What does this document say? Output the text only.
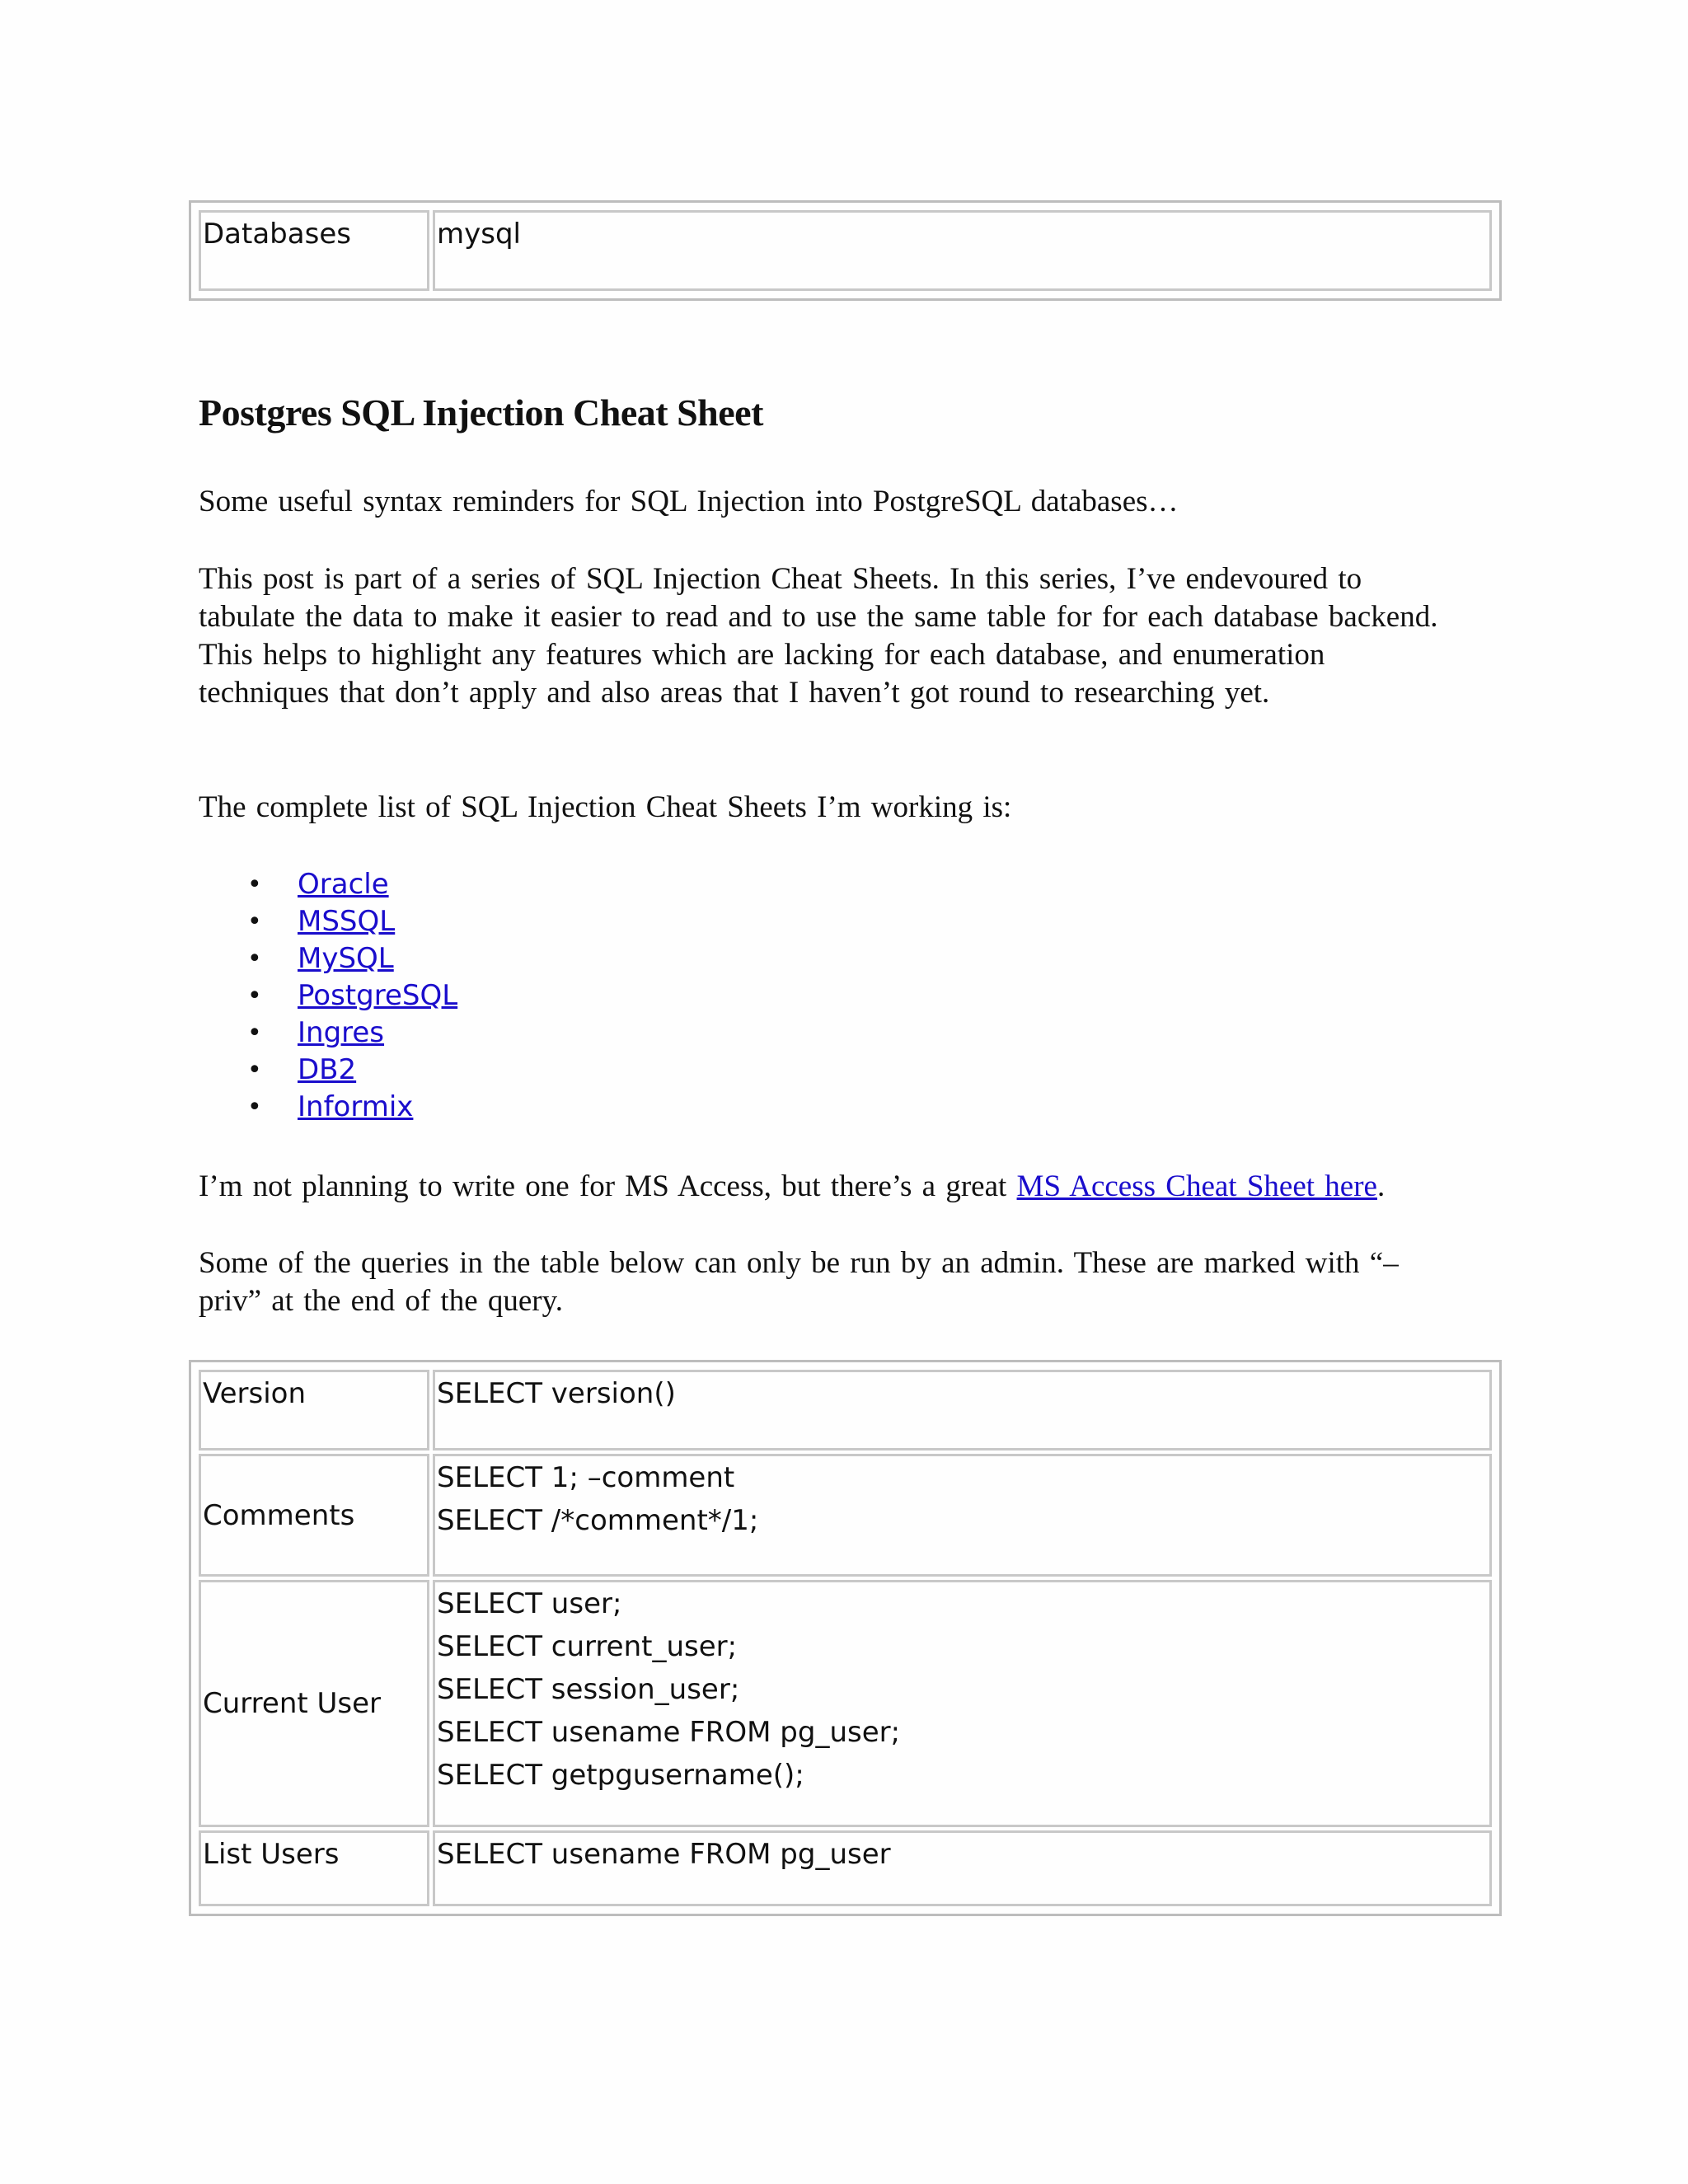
Databases	mysql
Postgres SQL Injection Cheat Sheet

Some useful syntax reminders for SQL Injection into PostgreSQL databases…

This post is part of a series of SQL Injection Cheat Sheets. In this series, I’ve endevoured to tabulate the data to make it easier to read and to use the same table for for each database backend. This helps to highlight any features which are lacking for each database, and enumeration techniques that don’t apply and also areas that I haven’t got round to researching yet.

The complete list of SQL Injection Cheat Sheets I’m working is:

• Oracle
• MSSQL
• MySQL
• PostgreSQL
• Ingres
• DB2
• Informix

I’m not planning to write one for MS Access, but there’s a great MS Access Cheat Sheet here.

Some of the queries in the table below can only be run by an admin. These are marked with “–priv” at the end of the query.

Version	SELECT version()

Comments	SELECT 1; –comment
SELECT /*comment*/1;

Current User	SELECT user;
SELECT current_user;
SELECT session_user;
SELECT usename FROM pg_user;
SELECT getpgusername();

List Users	SELECT usename FROM pg_user
